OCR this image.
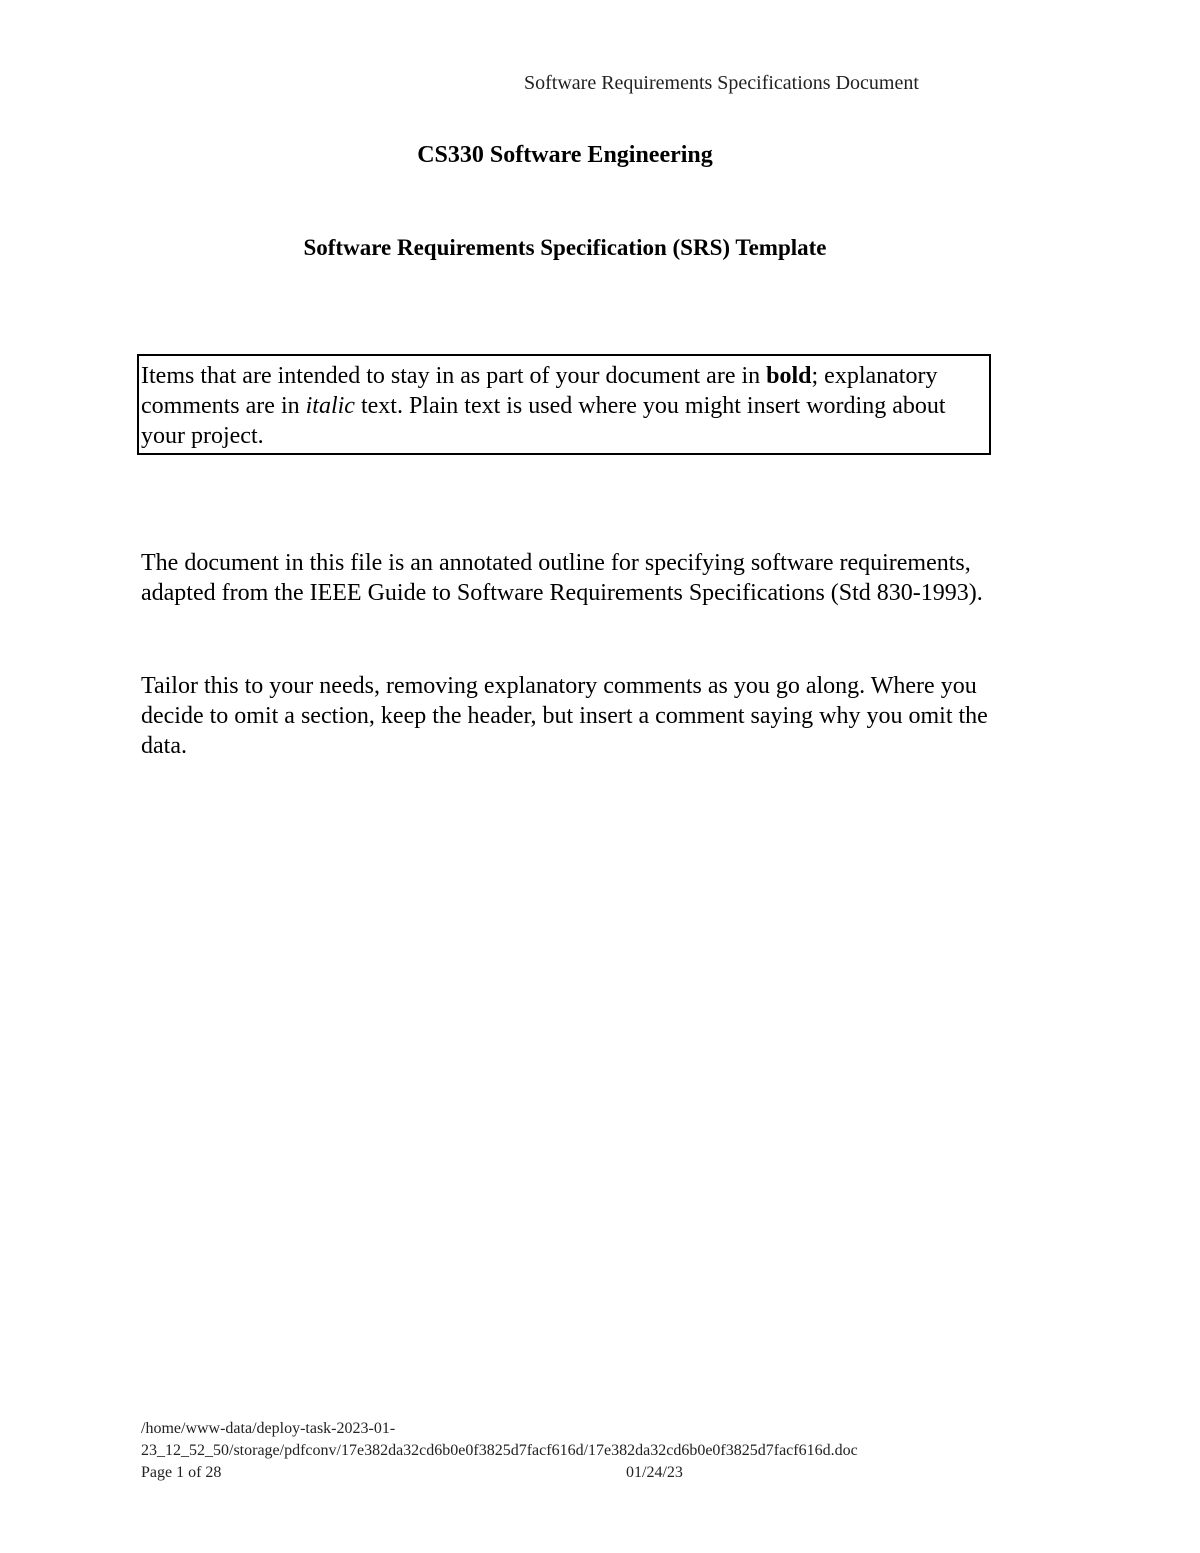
Software Requirements Specifications Document
CS330 Software Engineering
Software Requirements Specification (SRS) Template
Items that are intended to stay in as part of your document are in bold; explanatory comments are in italic text. Plain text is used where you might insert wording about your project.

The document in this file is an annotated outline for specifying software requirements, adapted from the IEEE Guide to Software Requirements Specifications (Std 830-1993).

Tailor this to your needs, removing explanatory comments as you go along. Where you decide to omit a section, keep the header, but insert a comment saying why you omit the data.

/home/www-data/deploy-task-2023-01-
23_12_52_50/storage/pdfconv/17e382da32cd6b0e0f3825d7facf616d/17e382da32cd6b0e0f3825d7facf616d.doc
Page 1 of 28	01/24/23
